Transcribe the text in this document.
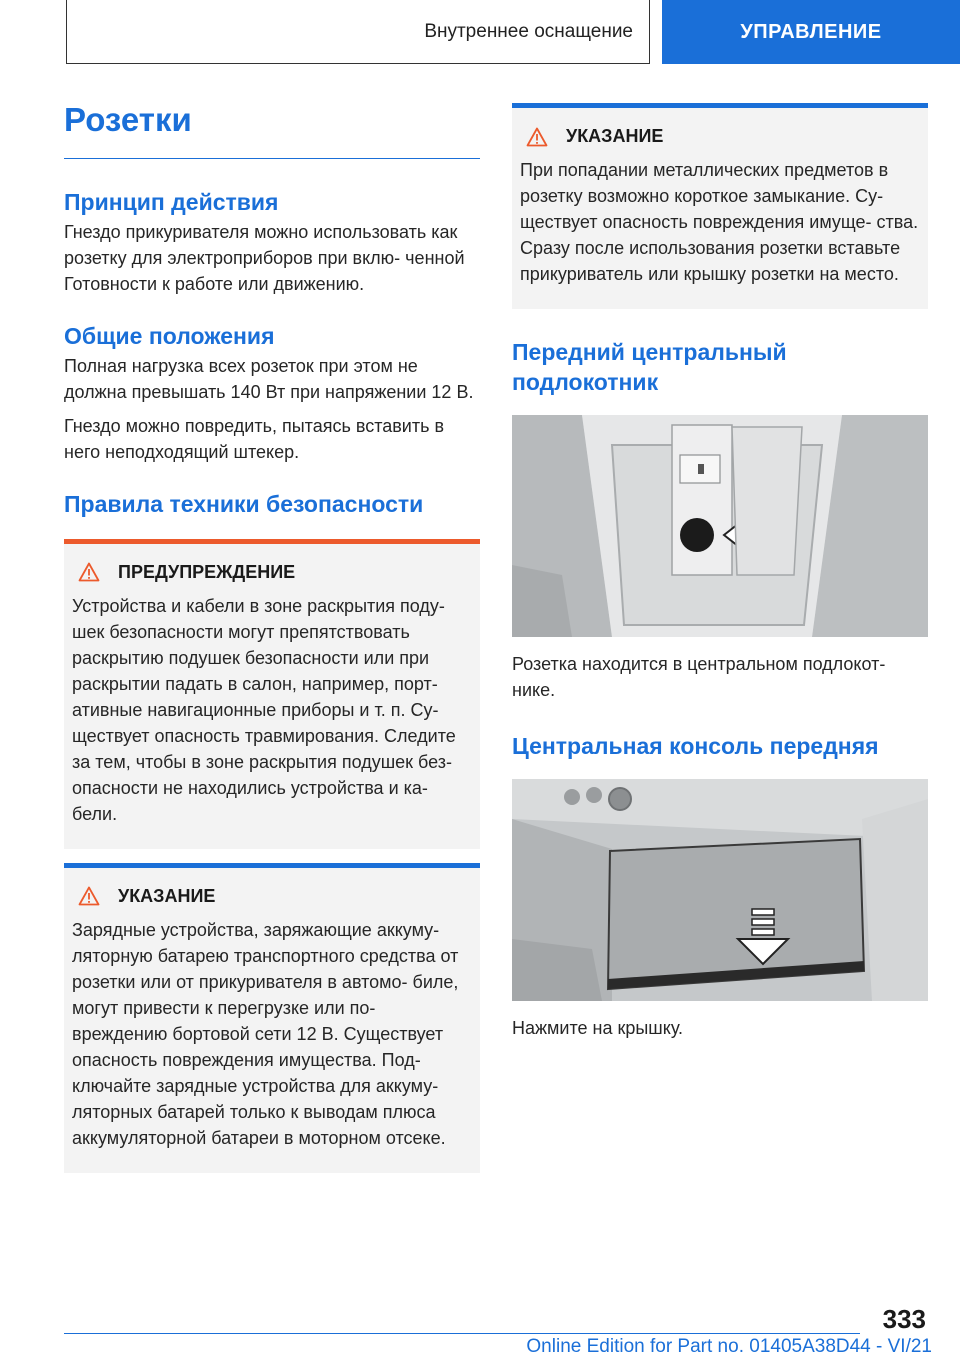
Внутреннее оснащение	УПРАВЛЕНИЕ
Розетки
Принцип действия

Гнездо прикуривателя можно использовать как розетку для электроприборов при вклю- ченной Готовности к работе или движению.

Общие положения

Полная нагрузка всех розеток при этом не должна превышать 140 Вт при напряжении 12 В.

Гнездо можно повредить, пытаясь вставить в него неподходящий штекер.

Правила техники безопасности
ПРЕДУПРЕЖДЕНИЕ

Устройства и кабели в зоне раскрытия поду- шек безопасности могут препятствовать раскрытию подушек безопасности или при раскрытии падать в салон, например, порт- ативные навигационные приборы и т. п. Су- ществует опасность травмирования. Следите за тем, чтобы в зоне раскрытия подушек без- опасности не находились устройства и ка- бели.

УКАЗАНИЕ

Зарядные устройства, заряжающие аккуму- ляторную батарею транспортного средства от розетки или от прикуривателя в автомо- биле, могут привести к перегрузке или по- вреждению бортовой сети 12 В. Существует опасность повреждения имущества. Под- ключайте зарядные устройства для аккуму- ляторных батарей только к выводам плюса аккумуляторной батареи в моторном отсеке.

УКАЗАНИЕ

При попадании металлических предметов в розетку возможно короткое замыкание. Су- ществует опасность повреждения имуще- ства. Сразу после использования розетки вставьте прикуриватель или крышку розетки на место.

Передний центральный подлокотник

Розетка находится в центральном подлокот- нике.

Центральная консоль передняя

Нажмите на крышку.

333
Online Edition for Part no. 01405A38D44 - VI/21
